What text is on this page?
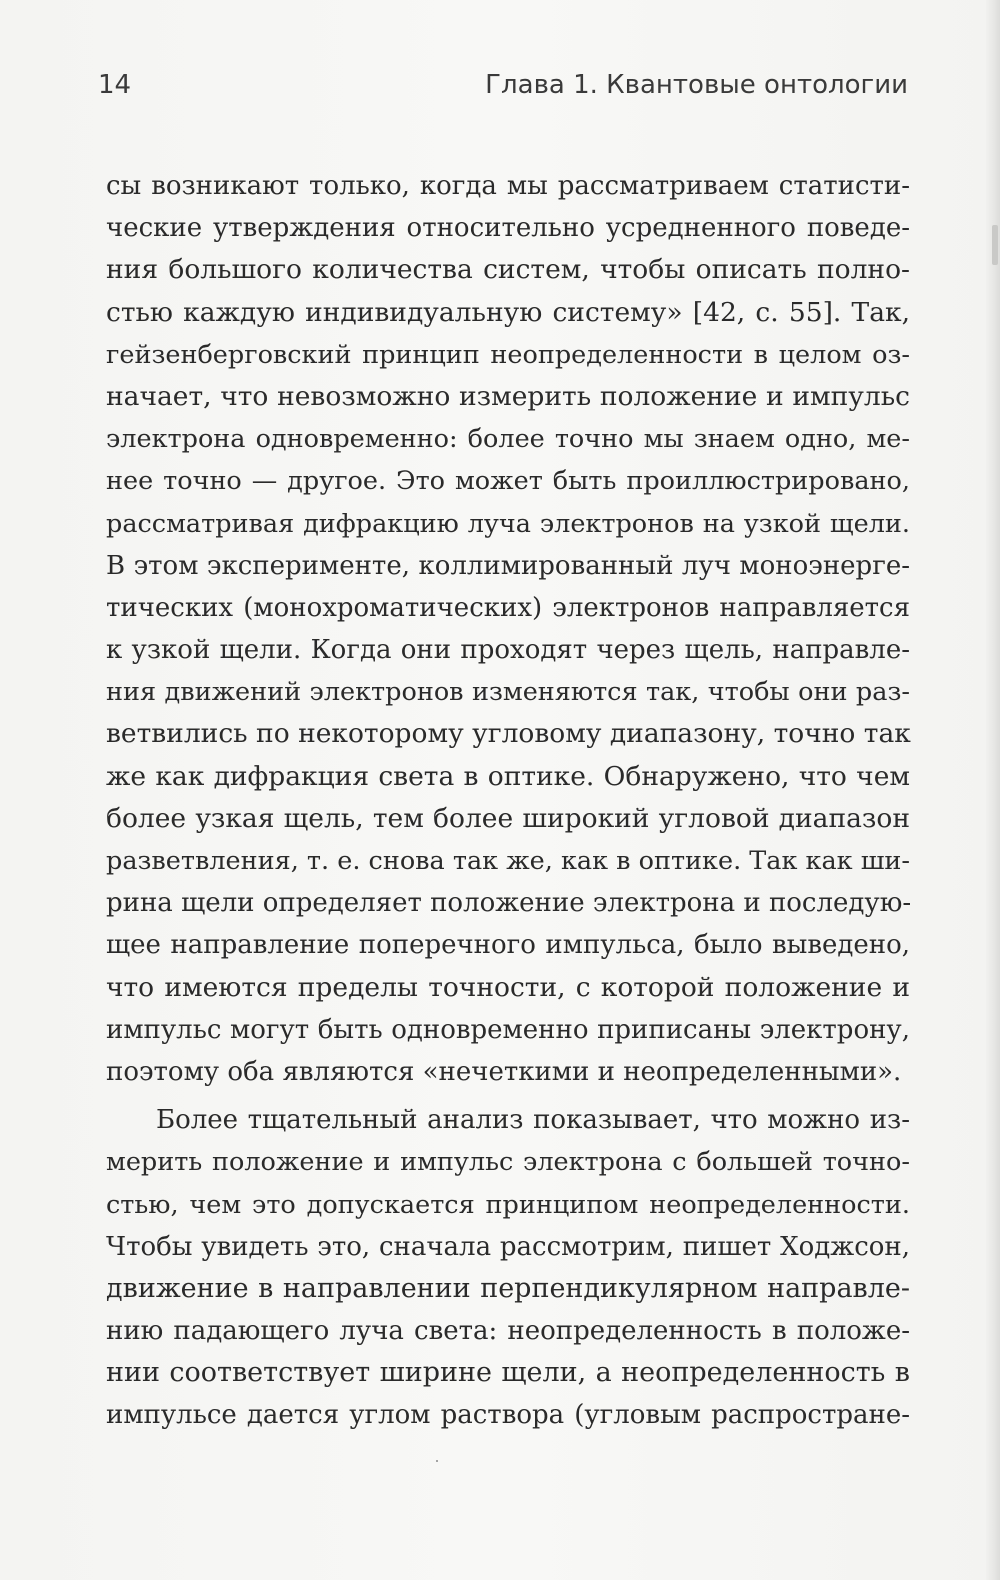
14	Глава 1. Квантовые онтологии
сы возникают только, когда мы рассматриваем статисти-
ческие утверждения относительно усредненного поведе-
ния большого количества систем, чтобы описать полно-
стью каждую индивидуальную систему» [42, с. 55]. Так,
гейзенберговский принцип неопределенности в целом оз-
начает, что невозможно измерить положение и импульс
электрона одновременно: более точно мы знаем одно, ме-
нее точно — другое. Это может быть проиллюстрировано,
рассматривая дифракцию луча электронов на узкой щели.
В этом эксперименте, коллимированный луч моноэнерге-
тических (монохроматических) электронов направляется
к узкой щели. Когда они проходят через щель, направле-
ния движений электронов изменяются так, чтобы они раз-
ветвились по некоторому угловому диапазону, точно так
же как дифракция света в оптике. Обнаружено, что чем
более узкая щель, тем более широкий угловой диапазон
разветвления, т. е. снова так же, как в оптике. Так как ши-
рина щели определяет положение электрона и последую-
щее направление поперечного импульса, было выведено,
что имеются пределы точности, с которой положение и
импульс могут быть одновременно приписаны электрону,
поэтому оба являются «нечеткими и неопределенными».
Более тщательный анализ показывает, что можно из-
мерить положение и импульс электрона с большей точно-
стью, чем это допускается принципом неопределенности.
Чтобы увидеть это, сначала рассмотрим, пишет Ходжсон,
движение в направлении перпендикулярном направле-
нию падающего луча света: неопределенность в положе-
нии соответствует ширине щели, а неопределенность в
импульсе дается углом раствора (угловым распростране-
